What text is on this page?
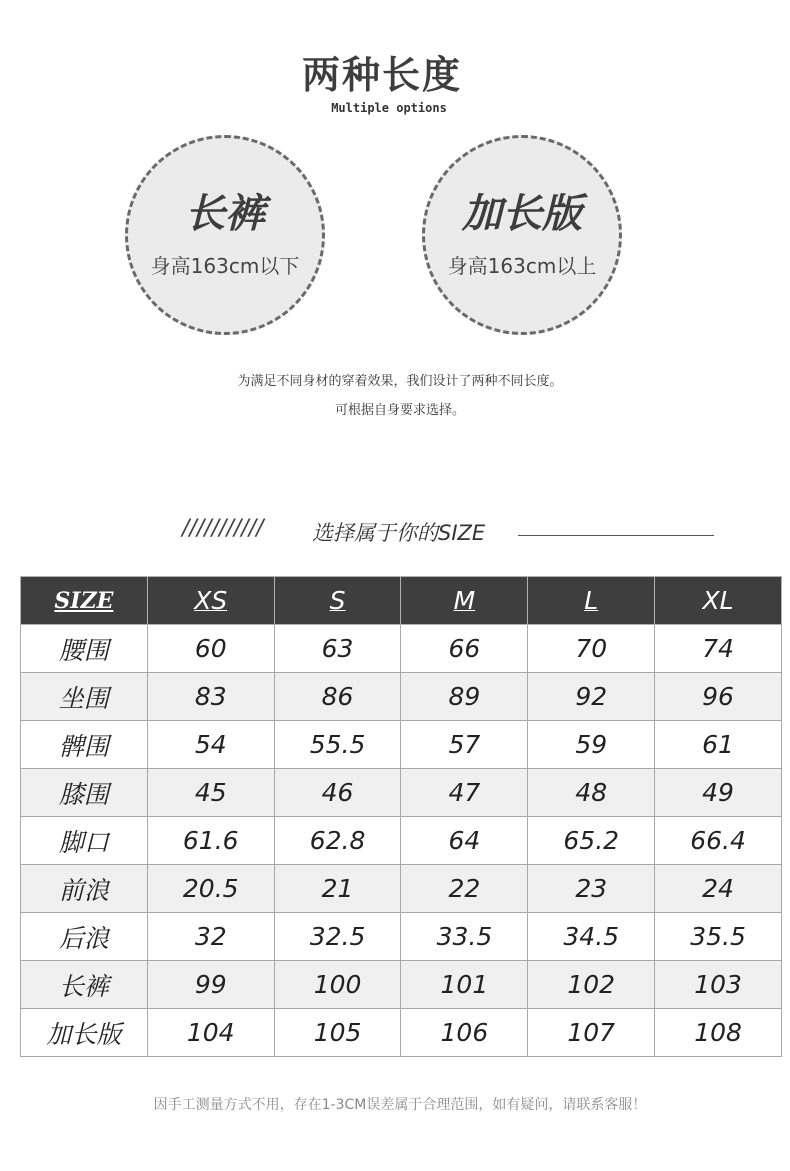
两种长度
Multiple options
长裤
身高163cm以下
加长版
身高163cm以上
为满足不同身材的穿着效果，我们设计了两种不同长度。
可根据自身要求选择。
/////////// 选择属于你的SIZE
SIZE	XS	S	M	L	XL
腰围	60	63	66	70	74
坐围	83	86	89	92	96
髀围	54	55.5	57	59	61
膝围	45	46	47	48	49
脚口	61.6	62.8	64	65.2	66.4
前浪	20.5	21	22	23	24
后浪	32	32.5	33.5	34.5	35.5
长裤	99	100	101	102	103
加长版	104	105	106	107	108
因手工测量方式不用，存在1-3CM误差属于合理范围，如有疑问，请联系客服！
